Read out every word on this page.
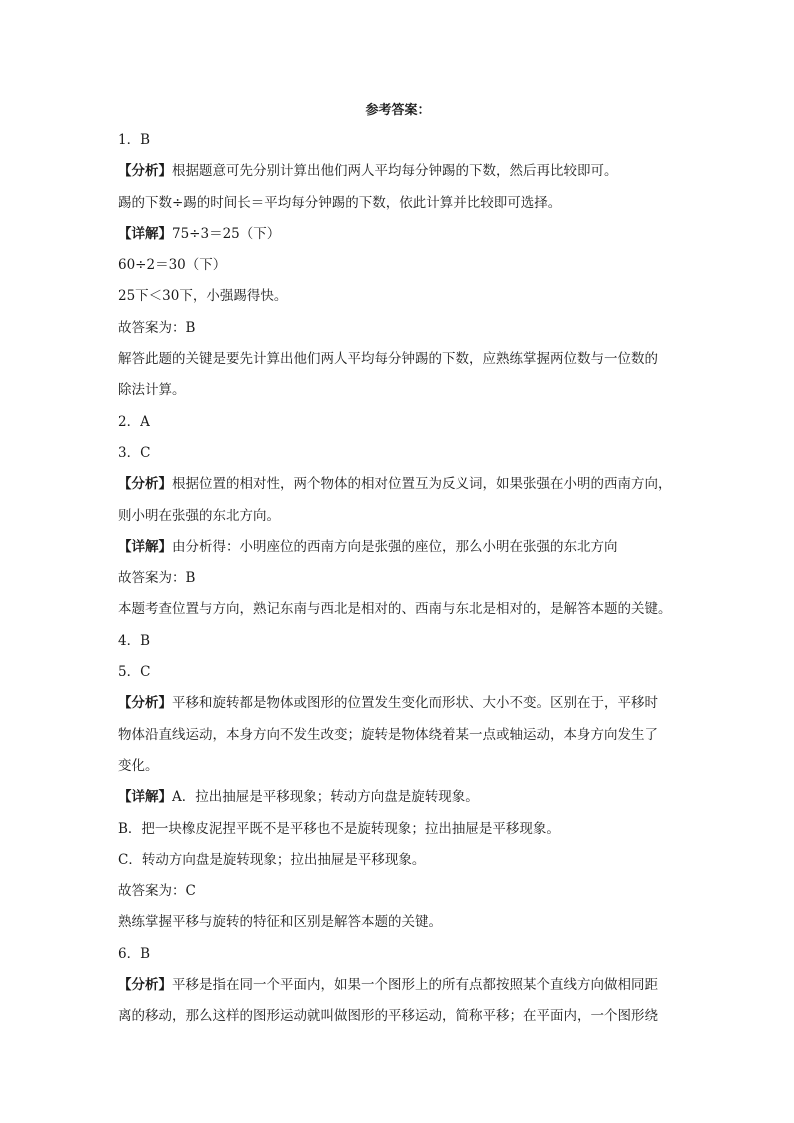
参考答案：
1．B
【分析】根据题意可先分别计算出他们两人平均每分钟踢的下数，然后再比较即可。
踢的下数÷踢的时间长＝平均每分钟踢的下数，依此计算并比较即可选择。
【详解】75÷3＝25（下）
60÷2＝30（下）
25下＜30下，小强踢得快。
故答案为：B
解答此题的关键是要先计算出他们两人平均每分钟踢的下数，应熟练掌握两位数与一位数的
除法计算。
2．A
3．C
【分析】根据位置的相对性，两个物体的相对位置互为反义词，如果张强在小明的西南方向，
则小明在张强的东北方向。
【详解】由分析得：小明座位的西南方向是张强的座位，那么小明在张强的东北方向
故答案为：B
本题考查位置与方向，熟记东南与西北是相对的、西南与东北是相对的，是解答本题的关键。
4．B
5．C
【分析】平移和旋转都是物体或图形的位置发生变化而形状、大小不变。区别在于，平移时
物体沿直线运动，本身方向不发生改变；旋转是物体绕着某一点或轴运动，本身方向发生了
变化。
【详解】A．拉出抽屉是平移现象；转动方向盘是旋转现象。
B．把一块橡皮泥捏平既不是平移也不是旋转现象；拉出抽屉是平移现象。
C．转动方向盘是旋转现象；拉出抽屉是平移现象。
故答案为：C
熟练掌握平移与旋转的特征和区别是解答本题的关键。
6．B
【分析】平移是指在同一个平面内，如果一个图形上的所有点都按照某个直线方向做相同距
离的移动，那么这样的图形运动就叫做图形的平移运动，简称平移；在平面内，一个图形绕
